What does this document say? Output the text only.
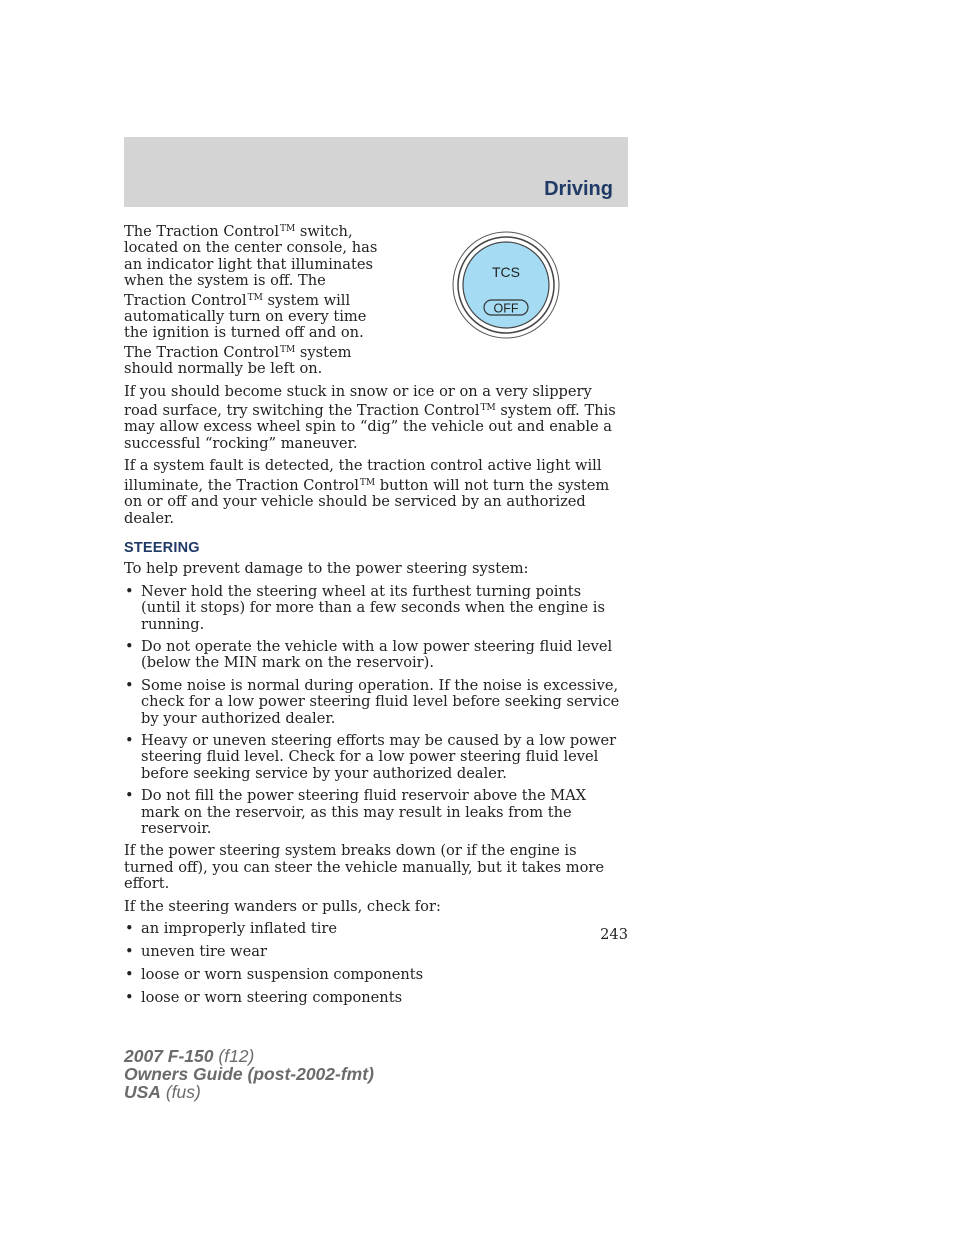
Driving
TCS
OFF

The Traction Control™ switch, located on the center console, has an indicator light that illuminates when the system is off. The Traction Control™ system will automatically turn on every time the ignition is turned off and on. The Traction Control™ system should normally be left on.

If you should become stuck in snow or ice or on a very slippery road surface, try switching the Traction Control™ system off. This may allow excess wheel spin to “dig” the vehicle out and enable a successful “rocking” maneuver.

If a system fault is detected, the traction control active light will illuminate, the Traction Control™ button will not turn the system on or off and your vehicle should be serviced by an authorized dealer.

STEERING

To help prevent damage to the power steering system:

• Never hold the steering wheel at its furthest turning points (until it stops) for more than a few seconds when the engine is running.
• Do not operate the vehicle with a low power steering fluid level (below the MIN mark on the reservoir).
• Some noise is normal during operation. If the noise is excessive, check for a low power steering fluid level before seeking service by your authorized dealer.
• Heavy or uneven steering efforts may be caused by a low power steering fluid level. Check for a low power steering fluid level before seeking service by your authorized dealer.
• Do not fill the power steering fluid reservoir above the MAX mark on the reservoir, as this may result in leaks from the reservoir.

If the power steering system breaks down (or if the engine is turned off), you can steer the vehicle manually, but it takes more effort.

If the steering wanders or pulls, check for:

• an improperly inflated tire
• uneven tire wear
• loose or worn suspension components
• loose or worn steering components
243
2007 F-150 (f12)
Owners Guide (post-2002-fmt)
USA (fus)
